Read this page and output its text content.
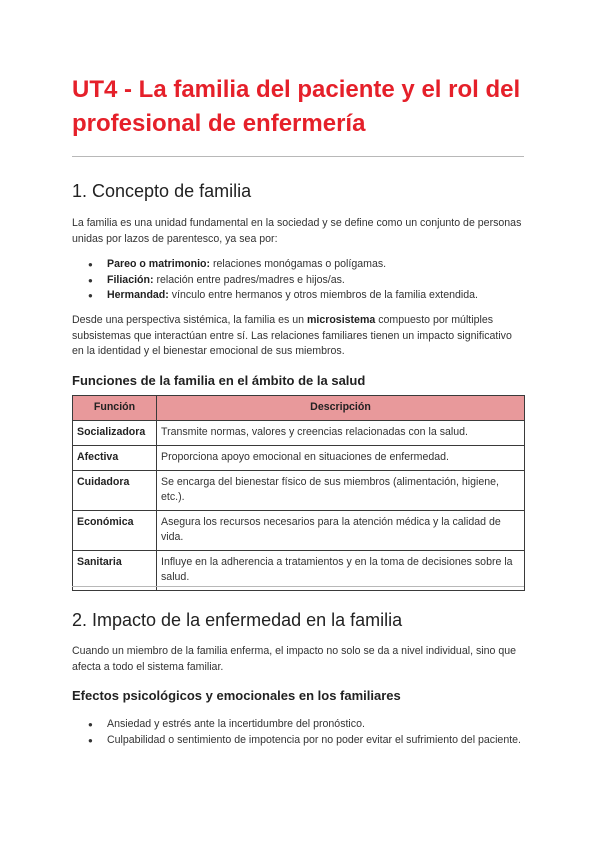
UT4 - La familia del paciente y el rol del profesional de enfermería
1. Concepto de familia

La familia es una unidad fundamental en la sociedad y se define como un conjunto de personas unidas por lazos de parentesco, ya sea por:

● Pareo o matrimonio: relaciones monógamas o polígamas.
● Filiación: relación entre padres/madres e hijos/as.
● Hermandad: vínculo entre hermanos y otros miembros de la familia extendida.

Desde una perspectiva sistémica, la familia es un microsistema compuesto por múltiples subsistemas que interactúan entre sí. Las relaciones familiares tienen un impacto significativo en la identidad y el bienestar emocional de sus miembros.

Funciones de la familia en el ámbito de la salud
Función	Descripción
Socializadora	Transmite normas, valores y creencias relacionadas con la salud.
Afectiva	Proporciona apoyo emocional en situaciones de enfermedad.
Cuidadora	Se encarga del bienestar físico de sus miembros (alimentación, higiene, etc.).
Económica	Asegura los recursos necesarios para la atención médica y la calidad de vida.
Sanitaria	Influye en la adherencia a tratamientos y en la toma de decisiones sobre la salud.
2. Impacto de la enfermedad en la familia

Cuando un miembro de la familia enferma, el impacto no solo se da a nivel individual, sino que afecta a todo el sistema familiar.

Efectos psicológicos y emocionales en los familiares
● Ansiedad y estrés ante la incertidumbre del pronóstico.
● Culpabilidad o sentimiento de impotencia por no poder evitar el sufrimiento del paciente.
